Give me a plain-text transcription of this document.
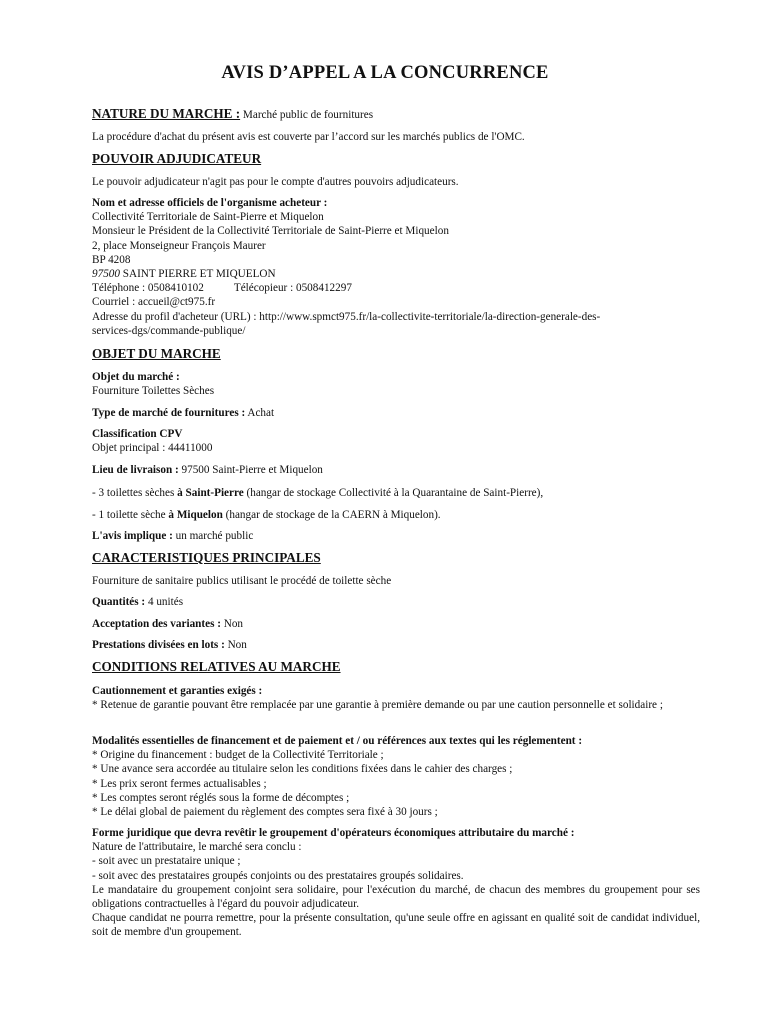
AVIS D’APPEL A LA CONCURRENCE
NATURE DU MARCHE : Marché public de fournitures
La procédure d'achat du présent avis est couverte par l’accord sur les marchés publics de l'OMC.
POUVOIR ADJUDICATEUR
Le pouvoir adjudicateur n'agit pas pour le compte d'autres pouvoirs adjudicateurs.
Nom et adresse officiels de l'organisme acheteur :
Collectivité Territoriale de Saint-Pierre et Miquelon
Monsieur le Président de la Collectivité Territoriale de Saint-Pierre et Miquelon
2, place Monseigneur François Maurer
BP 4208
97500 SAINT PIERRE ET MIQUELON
Téléphone : 0508410102	Télécopieur : 0508412297
Courriel : accueil@ct975.fr
Adresse du profil d'acheteur (URL) : http://www.spmct975.fr/la-collectivite-territoriale/la-direction-generale-des-
services-dgs/commande-publique/
OBJET DU MARCHE
Objet du marché :
Fourniture Toilettes Sèches
Type de marché de fournitures : Achat
Classification CPV
Objet principal : 44411000
Lieu de livraison : 97500 Saint-Pierre et Miquelon
- 3 toilettes sèches à Saint-Pierre (hangar de stockage Collectivité à la Quarantaine de Saint-Pierre),
- 1 toilette sèche à Miquelon (hangar de stockage de la CAERN à Miquelon).
L'avis implique : un marché public
CARACTERISTIQUES PRINCIPALES
Fourniture de sanitaire publics utilisant le procédé de toilette sèche
Quantités : 4 unités
Acceptation des variantes : Non
Prestations divisées en lots : Non
CONDITIONS RELATIVES AU MARCHE
Cautionnement et garanties exigés :
* Retenue de garantie pouvant être remplacée par une garantie à première demande ou par une caution personnelle et solidaire ;
Modalités essentielles de financement et de paiement et / ou références aux textes qui les réglementent :
* Origine du financement : budget de la Collectivité Territoriale ;
* Une avance sera accordée au titulaire selon les conditions fixées dans le cahier des charges ;
* Les prix seront fermes actualisables ;
* Les comptes seront réglés sous la forme de décomptes ;
* Le délai global de paiement du règlement des comptes sera fixé à 30 jours ;
Forme juridique que devra revêtir le groupement d'opérateurs économiques attributaire du marché :
Nature de l'attributaire, le marché sera conclu :
- soit avec un prestataire unique ;
- soit avec des prestataires groupés conjoints ou des prestataires groupés solidaires.
Le mandataire du groupement conjoint sera solidaire, pour l'exécution du marché, de chacun des membres du groupement pour ses obligations contractuelles à l'égard du pouvoir adjudicateur.
Chaque candidat ne pourra remettre, pour la présente consultation, qu'une seule offre en agissant en qualité soit de candidat individuel, soit de membre d'un groupement.
